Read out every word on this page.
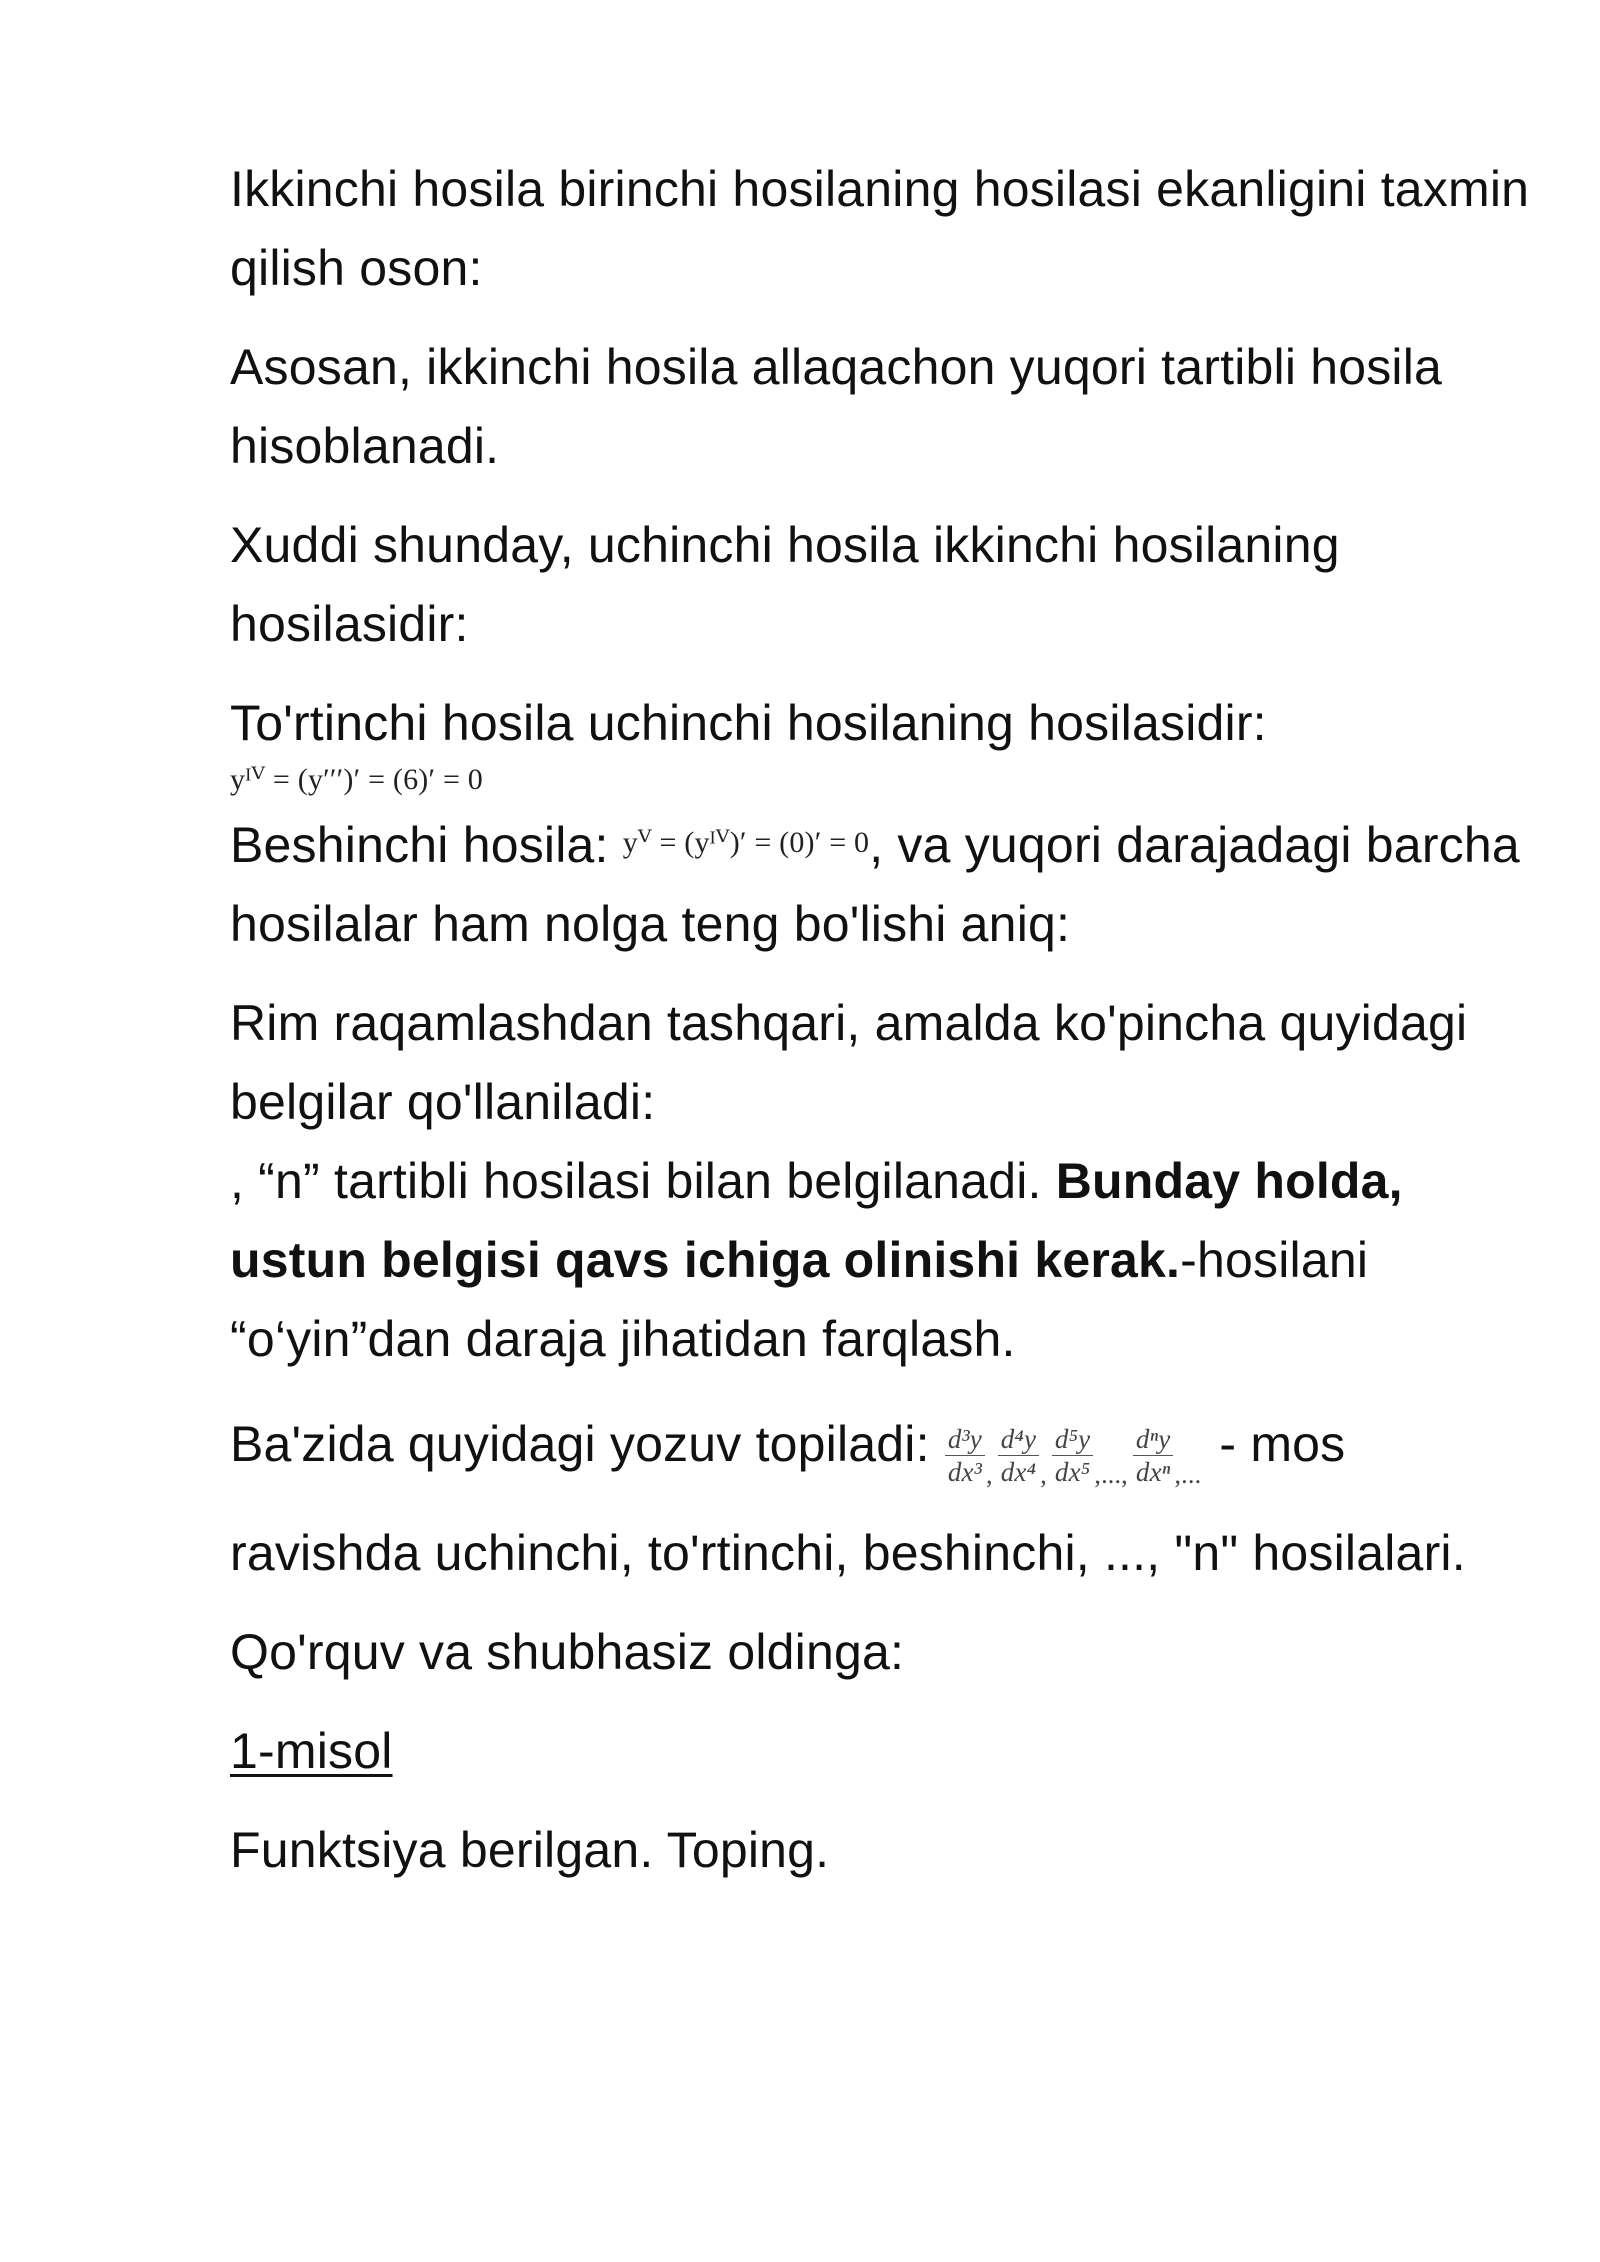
Ikkinchi hosila birinchi hosilaning hosilasi ekanligini taxmin qilish oson:

Asosan, ikkinchi hosila allaqachon yuqori tartibli hosila hisoblanadi.

Xuddi shunday, uchinchi hosila ikkinchi hosilaning hosilasidir:

To'rtinchi hosila uchinchi hosilaning hosilasidir:
yᴵⱽ = (y′′′)′ = (6)′ = 0

Beshinchi hosila: yⱽ = (yᴵⱽ)′ = (0)′ = 0, va yuqori darajadagi barcha hosilalar ham nolga teng bo'lishi aniq:

Rim raqamlashdan tashqari, amalda ko'pincha quyidagi belgilar qo'llaniladi:
, “n” tartibli hosilasi bilan belgilanadi. Bunday holda, ustun belgisi qavs ichiga olinishi kerak.-hosilani “o‘yin”dan daraja jihatidan farqlash.

Ba'zida quyidagi yozuv topiladi: $\frac{\text{d³y}}{\text{dx³}} _, \frac{\text{d⁴y}}{\text{dx⁴}} _, \frac{\text{d⁵y}}{\text{dx⁵}} _{,...,} \frac{\text{dⁿy}}{\text{dxⁿ}} _{,...}$ - mos ravishda uchinchi, to'rtinchi, beshinchi, ..., "n" hosilalari.

Qo'rquv va shubhasiz oldinga:

1-misol

Funktsiya berilgan. Toping.
